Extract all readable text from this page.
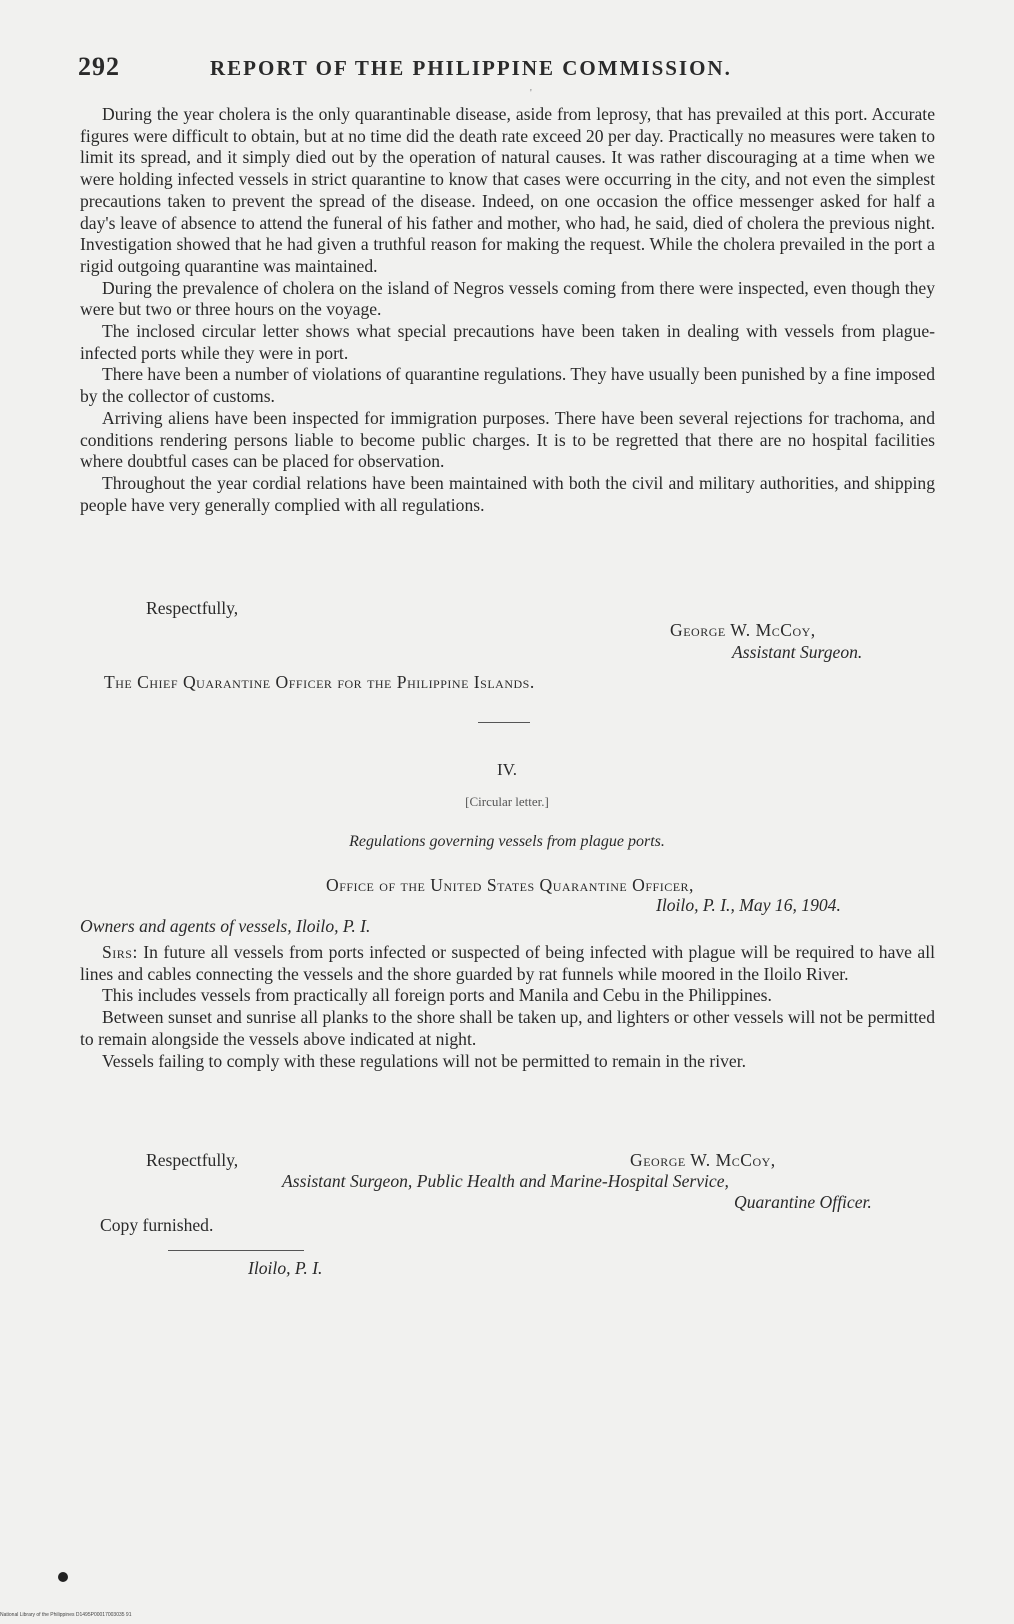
292	REPORT OF THE PHILIPPINE COMMISSION.
'

During the year cholera is the only quarantinable disease, aside from leprosy, that has prevailed at this port. Accurate figures were difficult to obtain, but at no time did the death rate exceed 20 per day. Practically no measures were taken to limit its spread, and it simply died out by the operation of natural causes. It was rather discouraging at a time when we were holding infected vessels in strict quarantine to know that cases were occurring in the city, and not even the simplest precautions taken to prevent the spread of the disease. Indeed, on one occasion the office messenger asked for half a day's leave of absence to attend the funeral of his father and mother, who had, he said, died of cholera the previous night. Investigation showed that he had given a truthful reason for making the request. While the cholera prevailed in the port a rigid outgoing quarantine was maintained.

During the prevalence of cholera on the island of Negros vessels coming from there were inspected, even though they were but two or three hours on the voyage.

The inclosed circular letter shows what special precautions have been taken in dealing with vessels from plague-infected ports while they were in port.

There have been a number of violations of quarantine regulations. They have usually been punished by a fine imposed by the collector of customs.

Arriving aliens have been inspected for immigration purposes. There have been several rejections for trachoma, and conditions rendering persons liable to become public charges. It is to be regretted that there are no hospital facilities where doubtful cases can be placed for observation.

Throughout the year cordial relations have been maintained with both the civil and military authorities, and shipping people have very generally complied with all regulations.

Respectfully,
George W. McCoy,
Assistant Surgeon.
The Chief Quarantine Officer for the Philippine Islands.
IV.
[Circular letter.]
Regulations governing vessels from plague ports.
Office of the United States Quarantine Officer,
Iloilo, P. I., May 16, 1904.
Owners and agents of vessels, Iloilo, P. I.

Sirs: In future all vessels from ports infected or suspected of being infected with plague will be required to have all lines and cables connecting the vessels and the shore guarded by rat funnels while moored in the Iloilo River.

This includes vessels from practically all foreign ports and Manila and Cebu in the Philippines.

Between sunset and sunrise all planks to the shore shall be taken up, and lighters or other vessels will not be permitted to remain alongside the vessels above indicated at night.

Vessels failing to comply with these regulations will not be permitted to remain in the river.

Respectfully,	George W. McCoy,
Assistant Surgeon, Public Health and Marine-Hospital Service,
Quarantine Officer.
Copy furnished.
Iloilo, P. I.
National Library of the Philippines D1495P00017003035 91
